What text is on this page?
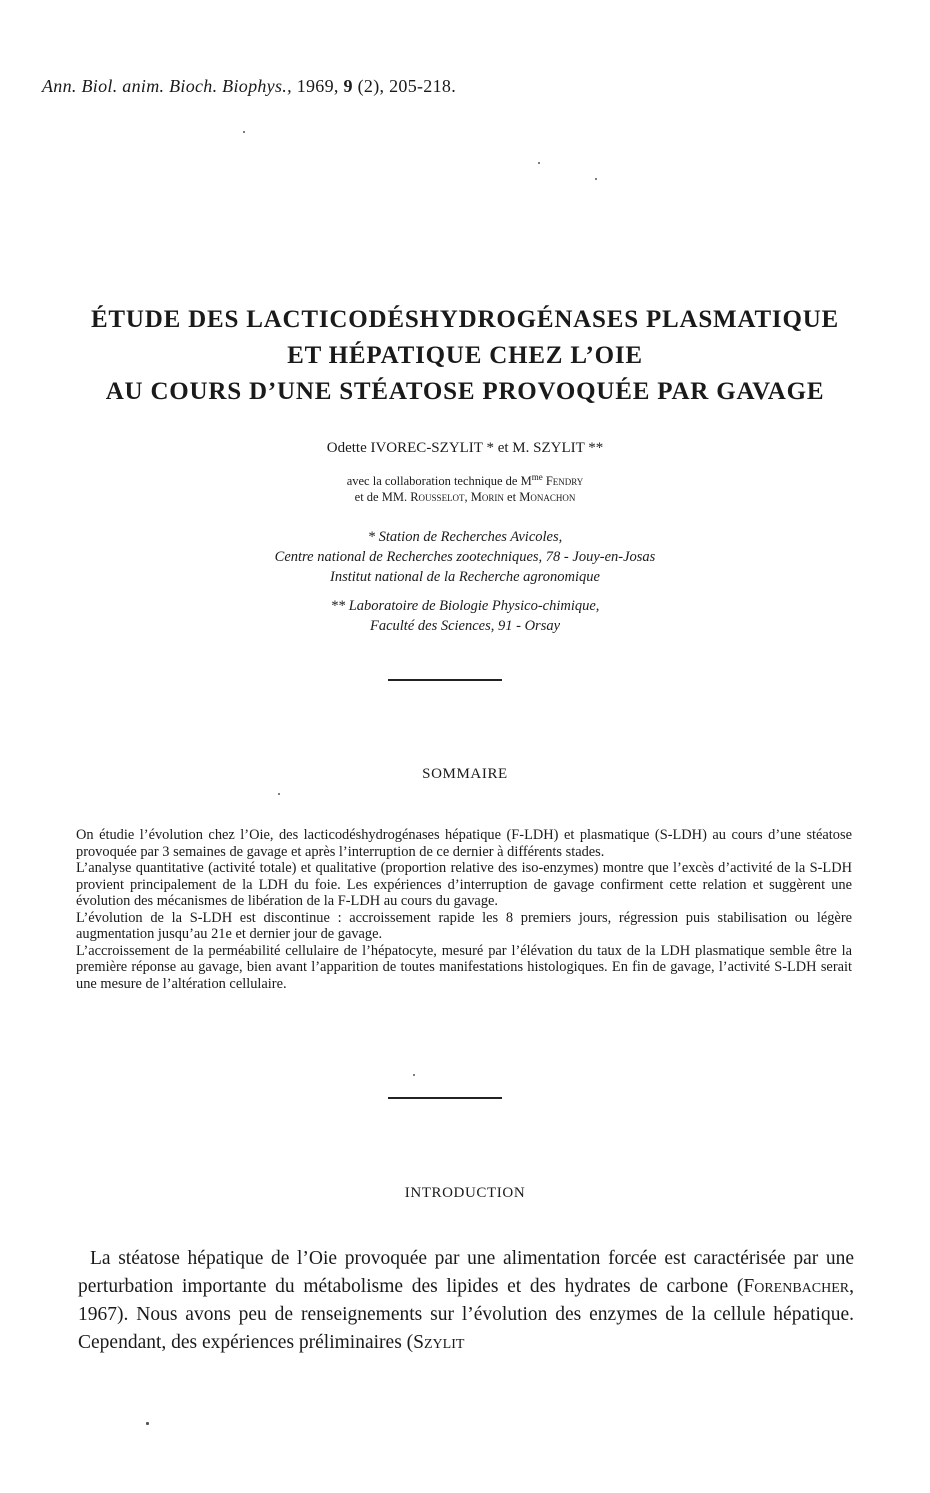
Ann. Biol. anim. Bioch. Biophys., 1969, 9 (2), 205-218.
ÉTUDE DES LACTICODÉSHYDROGÉNASES PLASMATIQUE
ET HÉPATIQUE CHEZ L’OIE
AU COURS D’UNE STÉATOSE PROVOQUÉE PAR GAVAGE
Odette IVOREC-SZYLIT * et M. SZYLIT **
avec la collaboration technique de $M^{me}$ Fendry
et de MM. Rousselot, Morin et Monachon
* Station de Recherches Avicoles,
Centre national de Recherches zootechniques, 78 - Jouy-en-Josas
Institut national de la Recherche agronomique
** Laboratoire de Biologie Physico-chimique,
Faculté des Sciences, 91 - Orsay
SOMMAIRE

On étudie l’évolution chez l’Oie, des lacticodéshydrogénases hépatique (F-LDH) et plasmatique (S-LDH) au cours d’une stéatose provoquée par 3 semaines de gavage et après l’interruption de ce dernier à différents stades.

L’analyse quantitative (activité totale) et qualitative (proportion relative des iso-enzymes) montre que l’excès d’activité de la S-LDH provient principalement de la LDH du foie. Les expériences d’interruption de gavage confirment cette relation et suggèrent une évolution des mécanismes de libération de la F-LDH au cours du gavage.

L’évolution de la S-LDH est discontinue : accroissement rapide les 8 premiers jours, régression puis stabilisation ou légère augmentation jusqu’au 21e et dernier jour de gavage.

L’accroissement de la perméabilité cellulaire de l’hépatocyte, mesuré par l’élévation du taux de la LDH plasmatique semble être la première réponse au gavage, bien avant l’apparition de toutes manifestations histologiques. En fin de gavage, l’activité S-LDH serait une mesure de l’altération cellulaire.

INTRODUCTION

La stéatose hépatique de l’Oie provoquée par une alimentation forcée est caractérisée par une perturbation importante du métabolisme des lipides et des hydrates de carbone (Forenbacher, 1967). Nous avons peu de renseignements sur l’évolution des enzymes de la cellule hépatique. Cependant, des expériences préliminaires (Szylit
